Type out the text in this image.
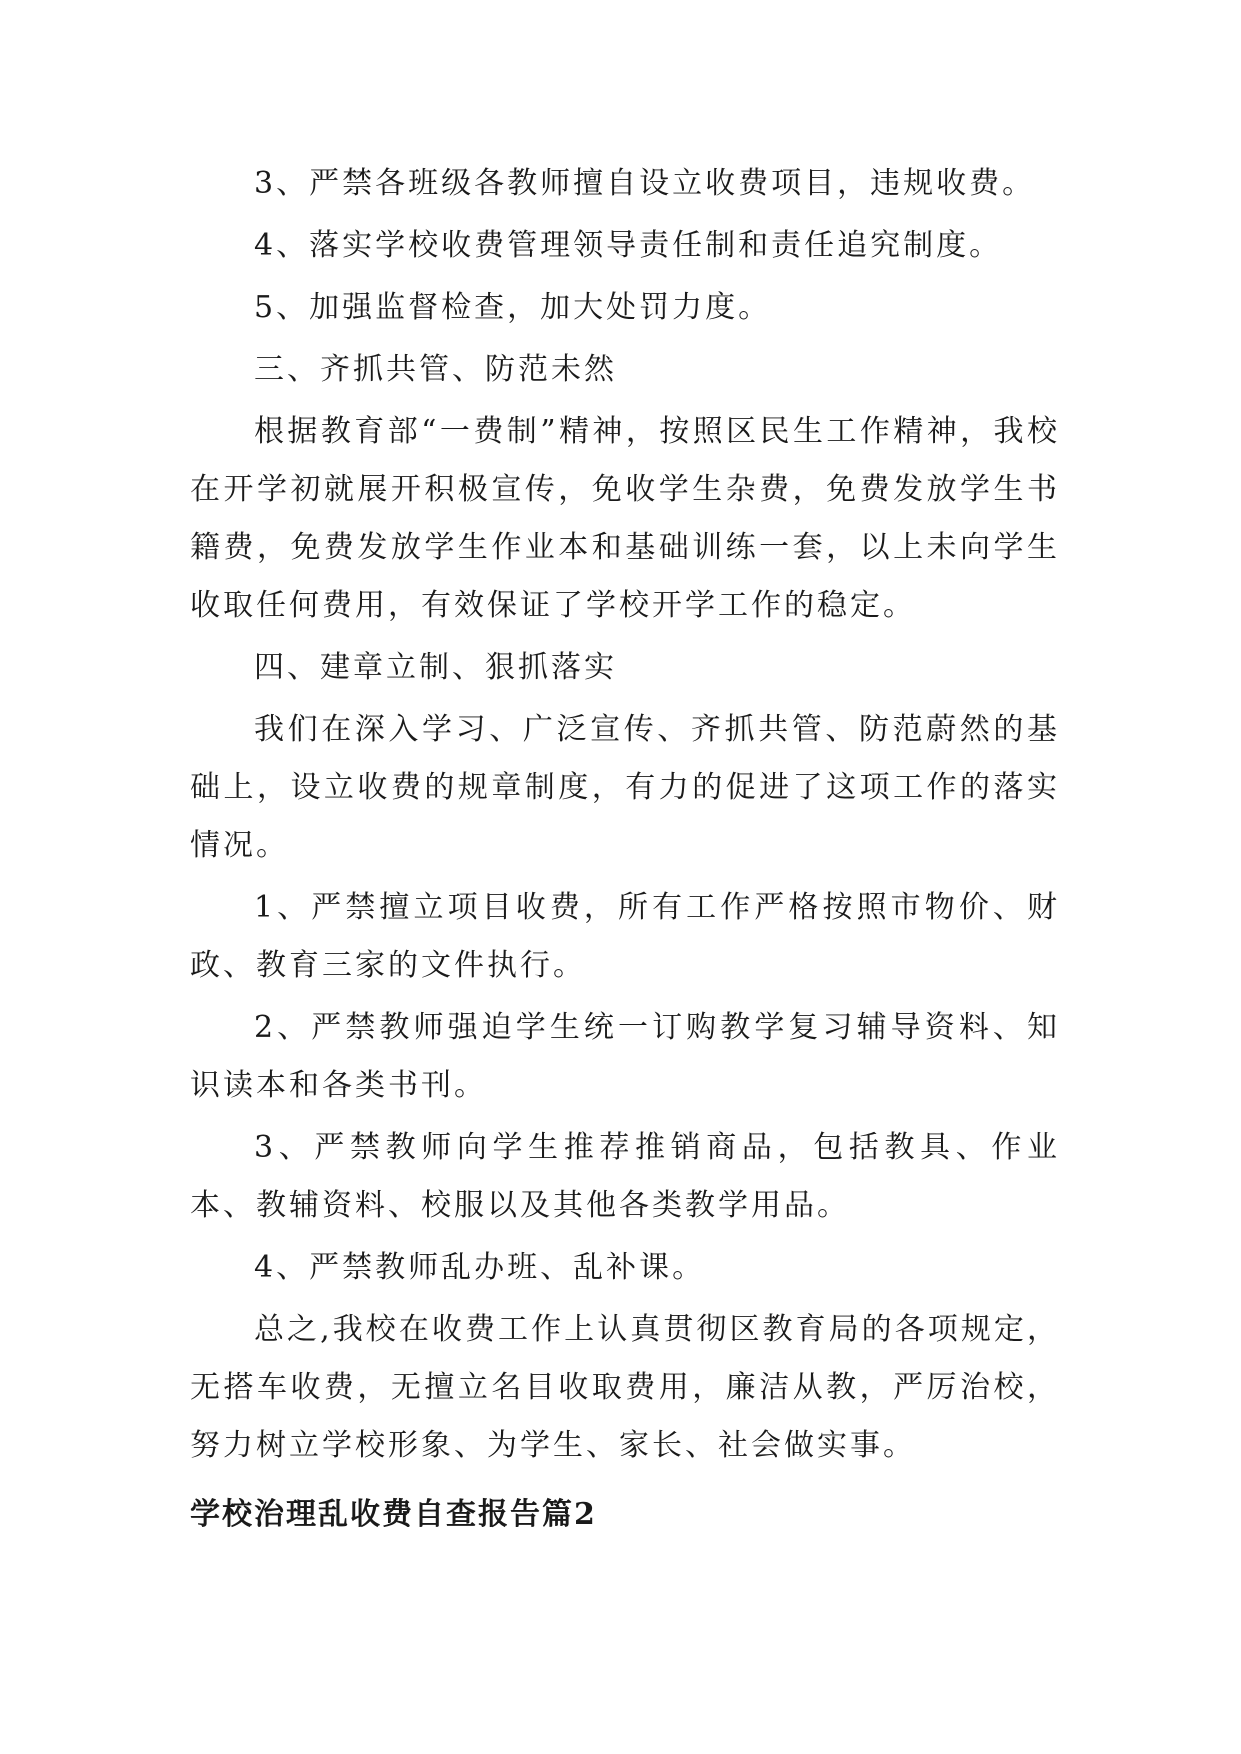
3、严禁各班级各教师擅自设立收费项目，违规收费。

4、落实学校收费管理领导责任制和责任追究制度。

5、加强监督检查，加大处罚力度。

三、齐抓共管、防范未然

根据教育部“一费制”精神，按照区民生工作精神，我校在开学初就展开积极宣传，免收学生杂费，免费发放学生书籍费，免费发放学生作业本和基础训练一套，以上未向学生收取任何费用，有效保证了学校开学工作的稳定。

四、建章立制、狠抓落实

我们在深入学习、广泛宣传、齐抓共管、防范蔚然的基础上，设立收费的规章制度，有力的促进了这项工作的落实情况。

1、严禁擅立项目收费，所有工作严格按照市物价、财政、教育三家的文件执行。

2、严禁教师强迫学生统一订购教学复习辅导资料、知识读本和各类书刊。

3、严禁教师向学生推荐推销商品，包括教具、作业本、教辅资料、校服以及其他各类教学用品。

4、严禁教师乱办班、乱补课。

总之,我校在收费工作上认真贯彻区教育局的各项规定，无搭车收费，无擅立名目收取费用，廉洁从教，严厉治校，努力树立学校形象、为学生、家长、社会做实事。

学校治理乱收费自查报告篇2
